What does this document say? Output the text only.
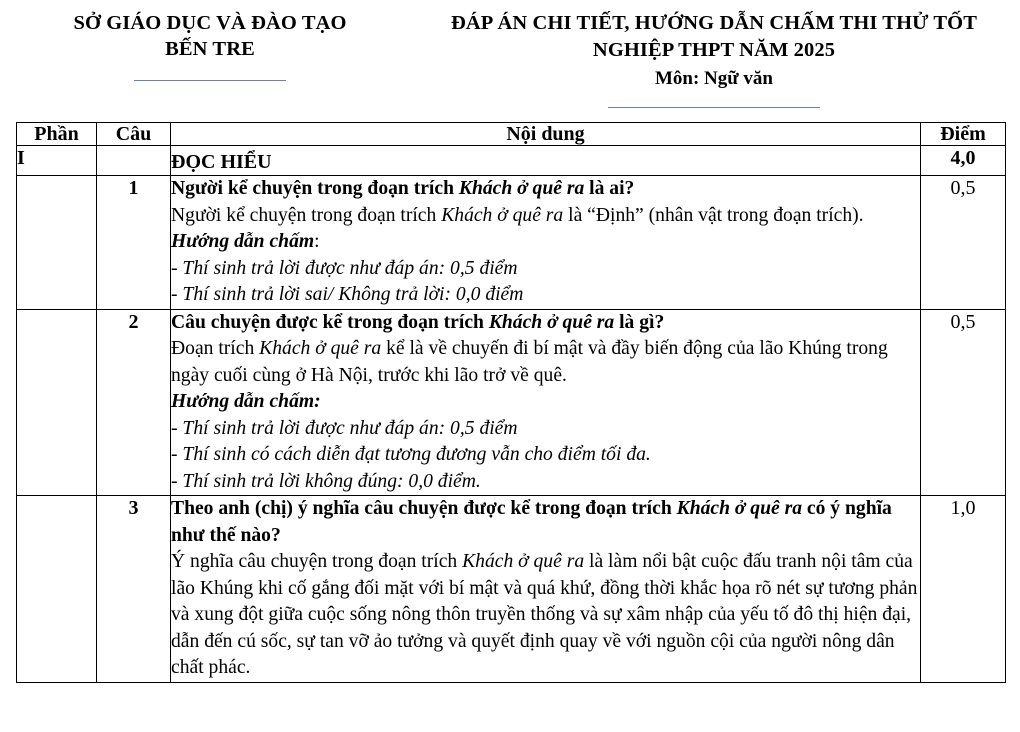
SỞ GIÁO DỤC VÀ ĐÀO TẠO
BẾN TRE
ĐÁP ÁN CHI TIẾT, HƯỚNG DẪN CHẤM THI THỬ TỐT
NGHIỆP THPT NĂM 2025
Môn: Ngữ văn
Phần	Câu	Nội dung	Điểm
I		ĐỌC HIỂU	4,0
	1	Người kể chuyện trong đoạn trích Khách ở quê ra là ai?
Người kể chuyện trong đoạn trích Khách ở quê ra là “Định” (nhân vật trong đoạn trích).
Hướng dẫn chấm:
- Thí sinh trả lời được như đáp án: 0,5 điểm
- Thí sinh trả lời sai/ Không trả lời: 0,0 điểm	0,5
	2	Câu chuyện được kể trong đoạn trích Khách ở quê ra là gì?
Đoạn trích Khách ở quê ra kể là về chuyến đi bí mật và đầy biến động của lão Khúng trong ngày cuối cùng ở Hà Nội, trước khi lão trở về quê.
Hướng dẫn chấm:
- Thí sinh trả lời được như đáp án: 0,5 điểm
- Thí sinh có cách diễn đạt tương đương vẫn cho điểm tối đa.
- Thí sinh trả lời không đúng: 0,0 điểm.
	0,5
	3	Theo anh (chị) ý nghĩa câu chuyện được kể trong đoạn trích Khách ở quê ra có ý nghĩa như thế nào?
Ý nghĩa câu chuyện trong đoạn trích Khách ở quê ra là làm nổi bật cuộc đấu tranh nội tâm của lão Khúng khi cố gắng đối mặt với bí mật và quá khứ, đồng thời khắc họa rõ nét sự tương phản và xung đột giữa cuộc sống nông thôn truyền thống và sự xâm nhập của yếu tố đô thị hiện đại, dẫn đến cú sốc, sự tan vỡ ảo tưởng và quyết định quay về với nguồn cội của người nông dân chất phác.	1,0
